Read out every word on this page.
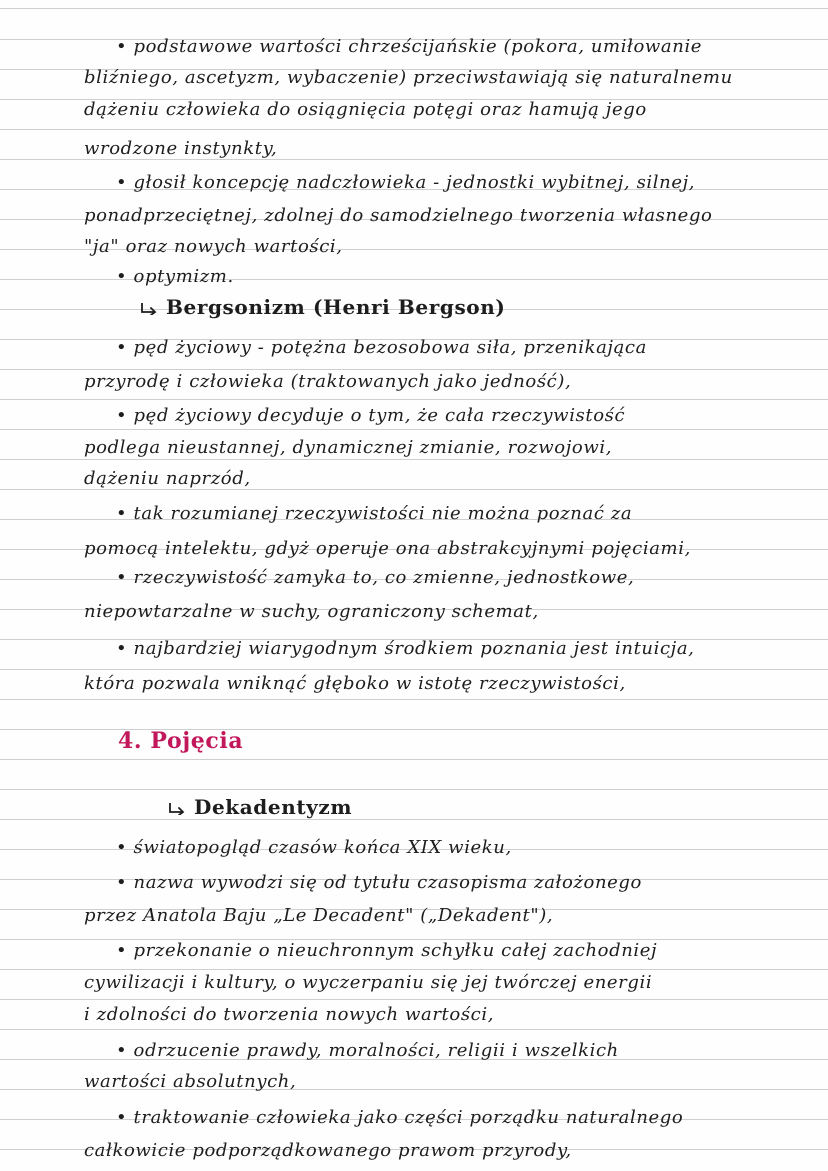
• podstawowe wartości chrześcijańskie (pokora, umiłowanie
bliźniego, ascetyzm, wybaczenie) przeciwstawiają się naturalnemu
dążeniu człowieka do osiągnięcia potęgi oraz hamują jego
wrodzone instynkty,
• głosił koncepcję nadczłowieka - jednostki wybitnej, silnej,
ponadprzeciętnej, zdolnej do samodzielnego tworzenia własnego
"ja" oraz nowych wartości,
• optymizm.
Bergsonizm (Henri Bergson)
• pęd życiowy - potężna bezosobowa siła, przenikająca
przyrodę i człowieka (traktowanych jako jedność),
• pęd życiowy decyduje o tym, że cała rzeczywistość
podlega nieustannej, dynamicznej zmianie, rozwojowi,
dążeniu naprzód,
• tak rozumianej rzeczywistości nie można poznać za
pomocą intelektu, gdyż operuje ona abstrakcyjnymi pojęciami,
• rzeczywistość zamyka to, co zmienne, jednostkowe,
niepowtarzalne w suchy, ograniczony schemat,
• najbardziej wiarygodnym środkiem poznania jest intuicja,
która pozwala wniknąć głęboko w istotę rzeczywistości,
4. Pojęcia
Dekadentyzm
• światopogląd czasów końca XIX wieku,
• nazwa wywodzi się od tytułu czasopisma założonego
przez Anatola Baju „Le Decadent" („Dekadent"),
• przekonanie o nieuchronnym schyłku całej zachodniej
cywilizacji i kultury, o wyczerpaniu się jej twórczej energii
i zdolności do tworzenia nowych wartości,
• odrzucenie prawdy, moralności, religii i wszelkich
wartości absolutnych,
• traktowanie człowieka jako części porządku naturalnego
całkowicie podporządkowanego prawom przyrody,
